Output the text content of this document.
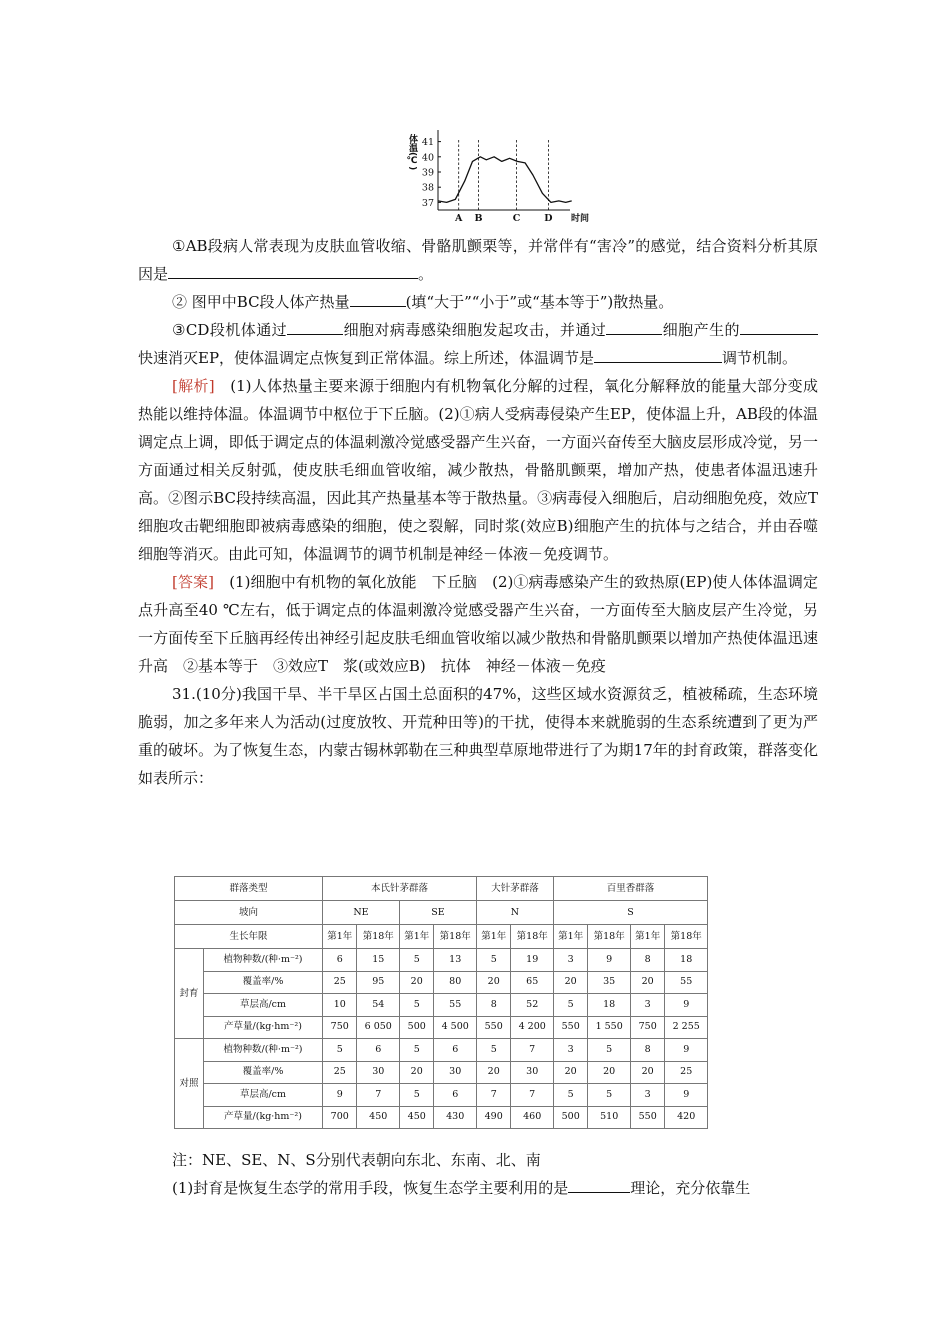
41
40
39
38
37
体温(℃)
A B	C	D 时间

①AB段病人常表现为皮肤血管收缩、骨骼肌颤栗等，并常伴有“害冷”的感觉，结合资料分析其原因是	。

② 图甲中BC段人体产热量	(填“大于”“小于”或“基本等于”)散热量。

③CD段机体通过	细胞对病毒感染细胞发起攻击，并通过	细胞产生的快速消灭EP，使体温调定点恢复到正常体温。综上所述，体温调节是	调节机制。

[解析]　(1)人体热量主要来源于细胞内有机物氧化分解的过程，氧化分解释放的能量大部分变成热能以维持体温。体温调节中枢位于下丘脑。(2)①病人受病毒侵染产生EP，使体温上升，AB段的体温调定点上调，即低于调定点的体温刺激冷觉感受器产生兴奋，一方面兴奋传至大脑皮层形成冷觉，另一方面通过相关反射弧，使皮肤毛细血管收缩，减少散热，骨骼肌颤栗，增加产热，使患者体温迅速升高。②图示BC段持续高温，因此其产热量基本等于散热量。③病毒侵入细胞后，启动细胞免疫，效应T细胞攻击靶细胞即被病毒感染的细胞，使之裂解，同时浆(效应B)细胞产生的抗体与之结合，并由吞噬细胞等消灭。由此可知，体温调节的调节机制是神经－体液－免疫调节。

[答案]　(1)细胞中有机物的氧化放能　下丘脑　(2)①病毒感染产生的致热原(EP)使人体体温调定点升高至40 ℃左右，低于调定点的体温刺激冷觉感受器产生兴奋，一方面传至大脑皮层产生冷觉，另一方面传至下丘脑再经传出神经引起皮肤毛细血管收缩以减少散热和骨骼肌颤栗以增加产热使体温迅速升高　②基本等于　③效应T　浆(或效应B)　抗体　神经－体液－免疫

31.(10分)我国干旱、半干旱区占国土总面积的47%，这些区域水资源贫乏，植被稀疏，生态环境脆弱，加之多年来人为活动(过度放牧、开荒种田等)的干扰，使得本来就脆弱的生态系统遭到了更为严重的破坏。为了恢复生态，内蒙古锡林郭勒在三种典型草原地带进行了为期17年的封育政策，群落变化如表所示：

群落类型		本氏针茅群落				大针茅群落		百里香群落			
坡向		NE		SE		N		S			
生长年限		第1年	第18年	第1年	第18年	第1年	第18年	第1年	第18年	第1年	第18年
封育	植物种数/(种·m⁻²)	6	15	5	13	5	19	3	9	8	18
	覆盖率/%	25	95	20	80	20	65	20	35	20	55
	草层高/cm	10	54	5	55	8	52	5	18	3	9
	产草量/(kg·hm⁻²)	750	6 050	500	4 500	550	4 200	550	1 550	750	2 255
对照	植物种数/(种·m⁻²)	5	6	5	6	5	7	3	5	8	9
	覆盖率/%	25	30	20	30	20	30	20	20	20	25
	草层高/cm	9	7	5	6	7	7	5	5	3	9
	产草量/(kg·hm⁻²)	700	450	450	430	490	460	500	510	550	420

注：NE、SE、N、S分别代表朝向东北、东南、北、南

(1)封育是恢复生态学的常用手段，恢复生态学主要利用的是	理论，充分依靠生
